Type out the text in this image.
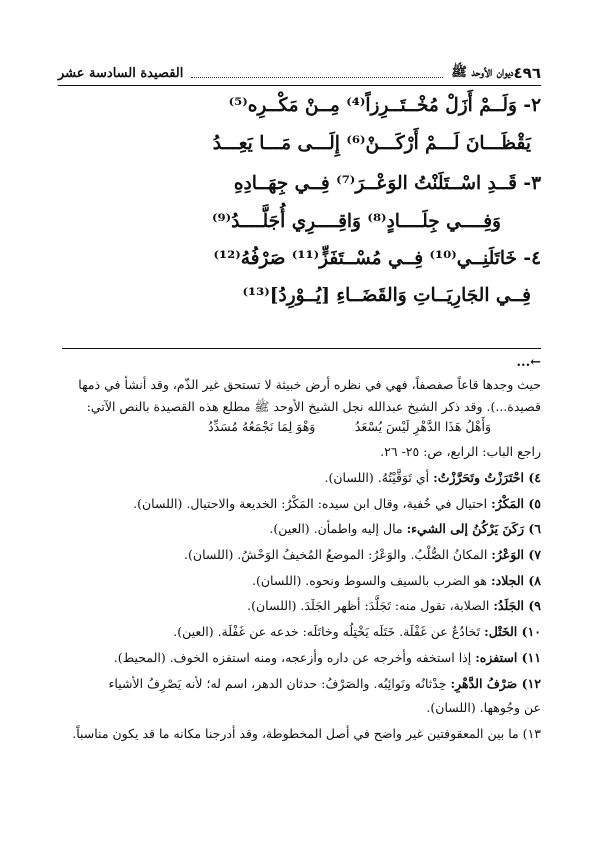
٤٩٦
ديوان الأوحد ﷺ
القصيدة السادسة عشر
٢- وَلَــمْ أَزَلْ مُخْــتَــرِزاً⁽⁴⁾ مِــنْ مَكْــرِه⁽⁵⁾
يَقْظَـــانَ لَـــمْ أَرْكَـــنْ⁽⁶⁾ إِلَـــى مَـــا يَعِـــدُ
٣- قَــدِ اسْــتَلَنْتُ الوَعْــرَ⁽⁷⁾ فِــي جِهَــادِهِ
وَفِــــي جِلَــــادٍ⁽⁸⁾ وَاقِــــرِي أُجَلَّــــدُ⁽⁹⁾
٤- خَاتَلَنِــي⁽¹⁰⁾ فِــي مُسْــتَفَزٍّ⁽¹¹⁾ صَرْفُهُ⁽¹²⁾
فِــي الجَارِيَــاتِ وَالقَضَــاءِ [يُــوْرِدُ]⁽¹³⁾
←...
حيث وجدها قاعاً صفصفاً، فهي في نظره أرض خبيثة لا تستحق غير الذّم، وقد أنشأ في ذمها
قصيدة...). وقد ذكر الشيخ عبدالله نجل الشيخ الأوحد ﷺ مطلع هذه القصيدة بالنص الآتي:
وَأَهْلُ هَذَا الدَّهْرِ لَيْسَ يُسْعَدُ
وَهْوَ لِمَا نَجْمَعُهُ مُسَدِّدُ
راجع الباب: الرابع، ص: ٢٥- ٢٦.
٤) احْتَرَزْتُ وتَحَرَّزْتُ: أي تَوَقَّيْتُهُ. (اللسان).
٥) المَكْرُ: احتيال في خُفية، وقال ابن سيده: المَكْرُ: الخديعة والاحتيال. (اللسان).
٦) رَكَنَ يَرْكُنُ إلى الشيء: مال إليه واطمأن. (العين).
٧) الوَعْرُ: المكانُ الصُّلْبُ. والوَعْرُ: الموضعُ المُخيفُ الوَحْشُ. (اللسان).
٨) الجلاد: هو الضرب بالسيف والسوط ونحوه. (اللسان).
٩) الجَلَدُ: الصلابة، تقول منه: تَجَلَّدَ: أظهر الجَلَدَ. (اللسان).
١٠) الخَتْل: تَخادُعٌ عن غَفْلَة. خَتَلَه يَخْتِلُه وخاتَلَه: خدعه عن غَفْلَة. (العين).
١١) استفزه: إذا استخفه وأخرجه عن داره وأزعجه، ومنه استفزه الخوف. (المحيط).
١٢) صَرْفُ الدَّهْرِ: حِدْثانُه ونَوائِبُه. والصَرْفُ: حدثان الدهر، اسم له؛ لأنه يَصْرِفُ الأشياء
عن وجُوهها. (اللسان).
١٣) ما بين المعقوفتين غير واضح في أصل المخطوطة، وقد أدرجنا مكانه ما قد يكون مناسباً.
